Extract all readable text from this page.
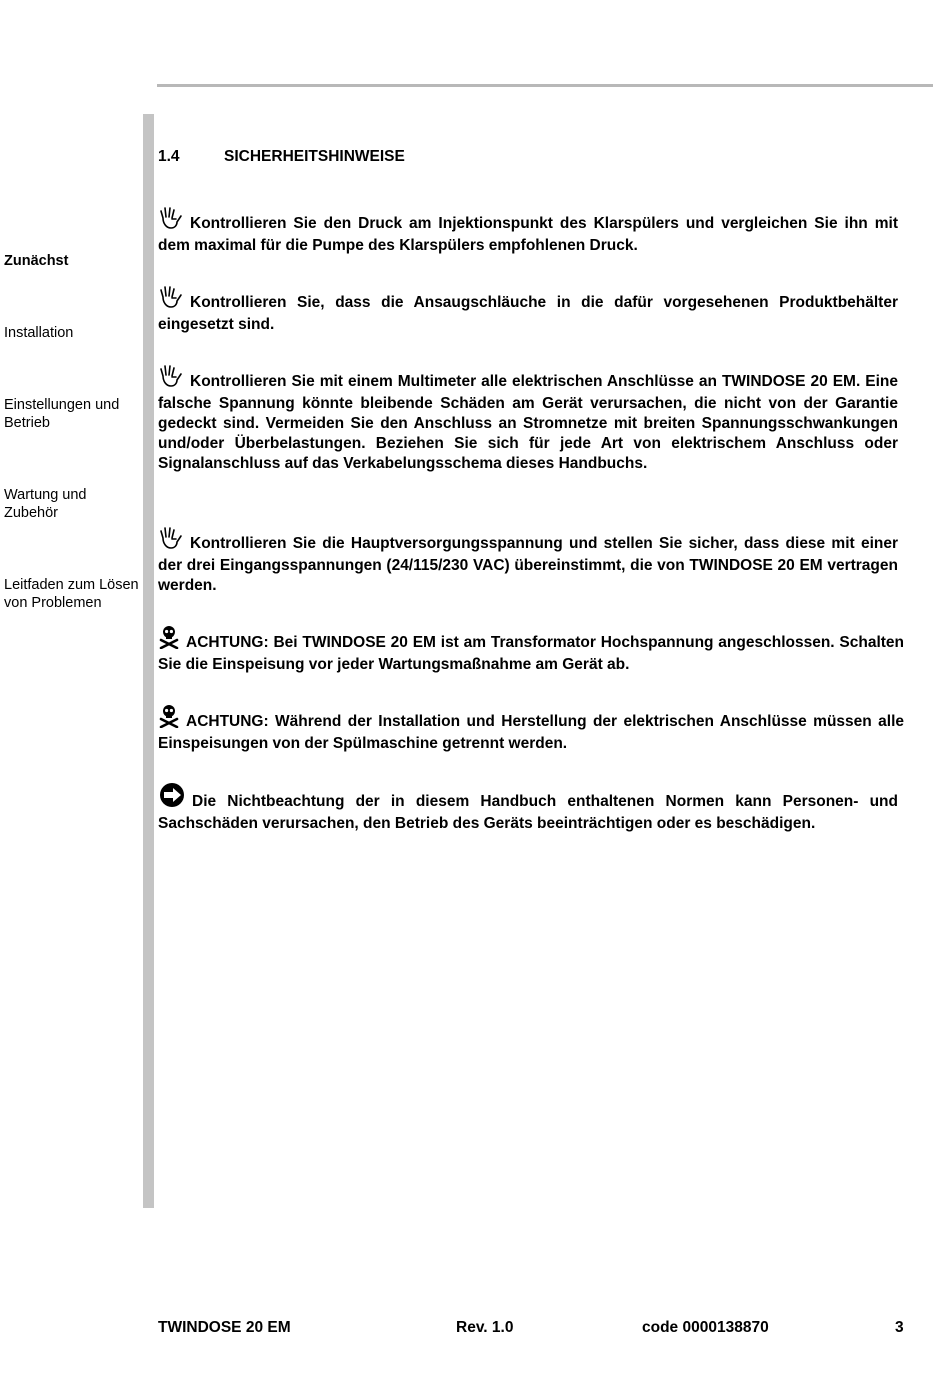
Zunächst
Installation
Einstellungen und Betrieb
Wartung und Zubehör
Leitfaden zum Lösen von Problemen
1.4	SICHERHEITSHINWEISE
Kontrollieren Sie den Druck am Injektionspunkt des Klarspülers und vergleichen Sie ihn mit dem maximal für die Pumpe des Klarspülers empfohlenen Druck.
Kontrollieren Sie, dass die Ansaugschläuche in die dafür vorgesehenen Produktbehälter eingesetzt sind.
Kontrollieren Sie mit einem Multimeter alle elektrischen Anschlüsse an TWINDOSE 20 EM. Eine falsche Spannung könnte bleibende Schäden am Gerät verursachen, die nicht von der Garantie gedeckt sind. Vermeiden Sie den Anschluss an Stromnetze mit breiten Spannungsschwankungen und/oder Überbelastungen. Beziehen Sie sich für jede Art von elektrischem Anschluss oder Signalanschluss auf das Verkabelungsschema dieses Handbuchs.
Kontrollieren Sie die Hauptversorgungsspannung und stellen Sie sicher, dass diese mit einer der drei Eingangsspannungen (24/115/230 VAC) übereinstimmt, die von TWINDOSE 20 EM vertragen werden.
ACHTUNG: Bei TWINDOSE 20 EM ist am Transformator Hochspannung angeschlossen. Schalten Sie die Einspeisung vor jeder Wartungsmaßnahme am Gerät ab.
ACHTUNG: Während der Installation und Herstellung der elektrischen Anschlüsse müssen alle Einspeisungen von der Spülmaschine getrennt werden.
Die Nichtbeachtung der in diesem Handbuch enthaltenen Normen kann Personen- und Sachschäden verursachen, den Betrieb des Geräts beeinträchtigen oder es beschädigen.
TWINDOSE 20 EM	Rev. 1.0	code 0000138870	3
